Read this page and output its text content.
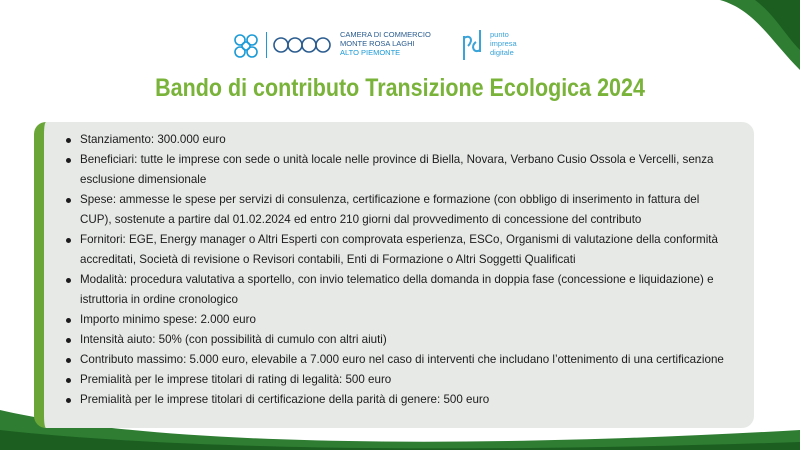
CAMERA DI COMMERCIO
MONTE ROSA LAGHI
ALTO PIEMONTE
punto
impresa
digitale
Bando di contributo Transizione Ecologica 2024
Stanziamento: 300.000 euro
Beneficiari: tutte le imprese con sede o unità locale nelle province di Biella, Novara, Verbano Cusio Ossola e Vercelli, senza esclusione dimensionale
Spese: ammesse le spese per servizi di consulenza, certificazione e formazione (con obbligo di inserimento in fattura del CUP), sostenute a partire dal 01.02.2024 ed entro 210 giorni dal provvedimento di concessione del contributo
Fornitori: EGE, Energy manager o Altri Esperti con comprovata esperienza, ESCo, Organismi di valutazione della conformità accreditati, Società di revisione o Revisori contabili, Enti di Formazione o Altri Soggetti Qualificati
Modalità: procedura valutativa a sportello, con invio telematico della domanda in doppia fase (concessione e liquidazione) e istruttoria in ordine cronologico
Importo minimo spese: 2.000 euro
Intensità aiuto: 50% (con possibilità di cumulo con altri aiuti)
Contributo massimo: 5.000 euro, elevabile a 7.000 euro nel caso di interventi che includano l’ottenimento di una certificazione
Premialità per le imprese titolari di rating di legalità: 500 euro
Premialità per le imprese titolari di certificazione della parità di genere: 500 euro
